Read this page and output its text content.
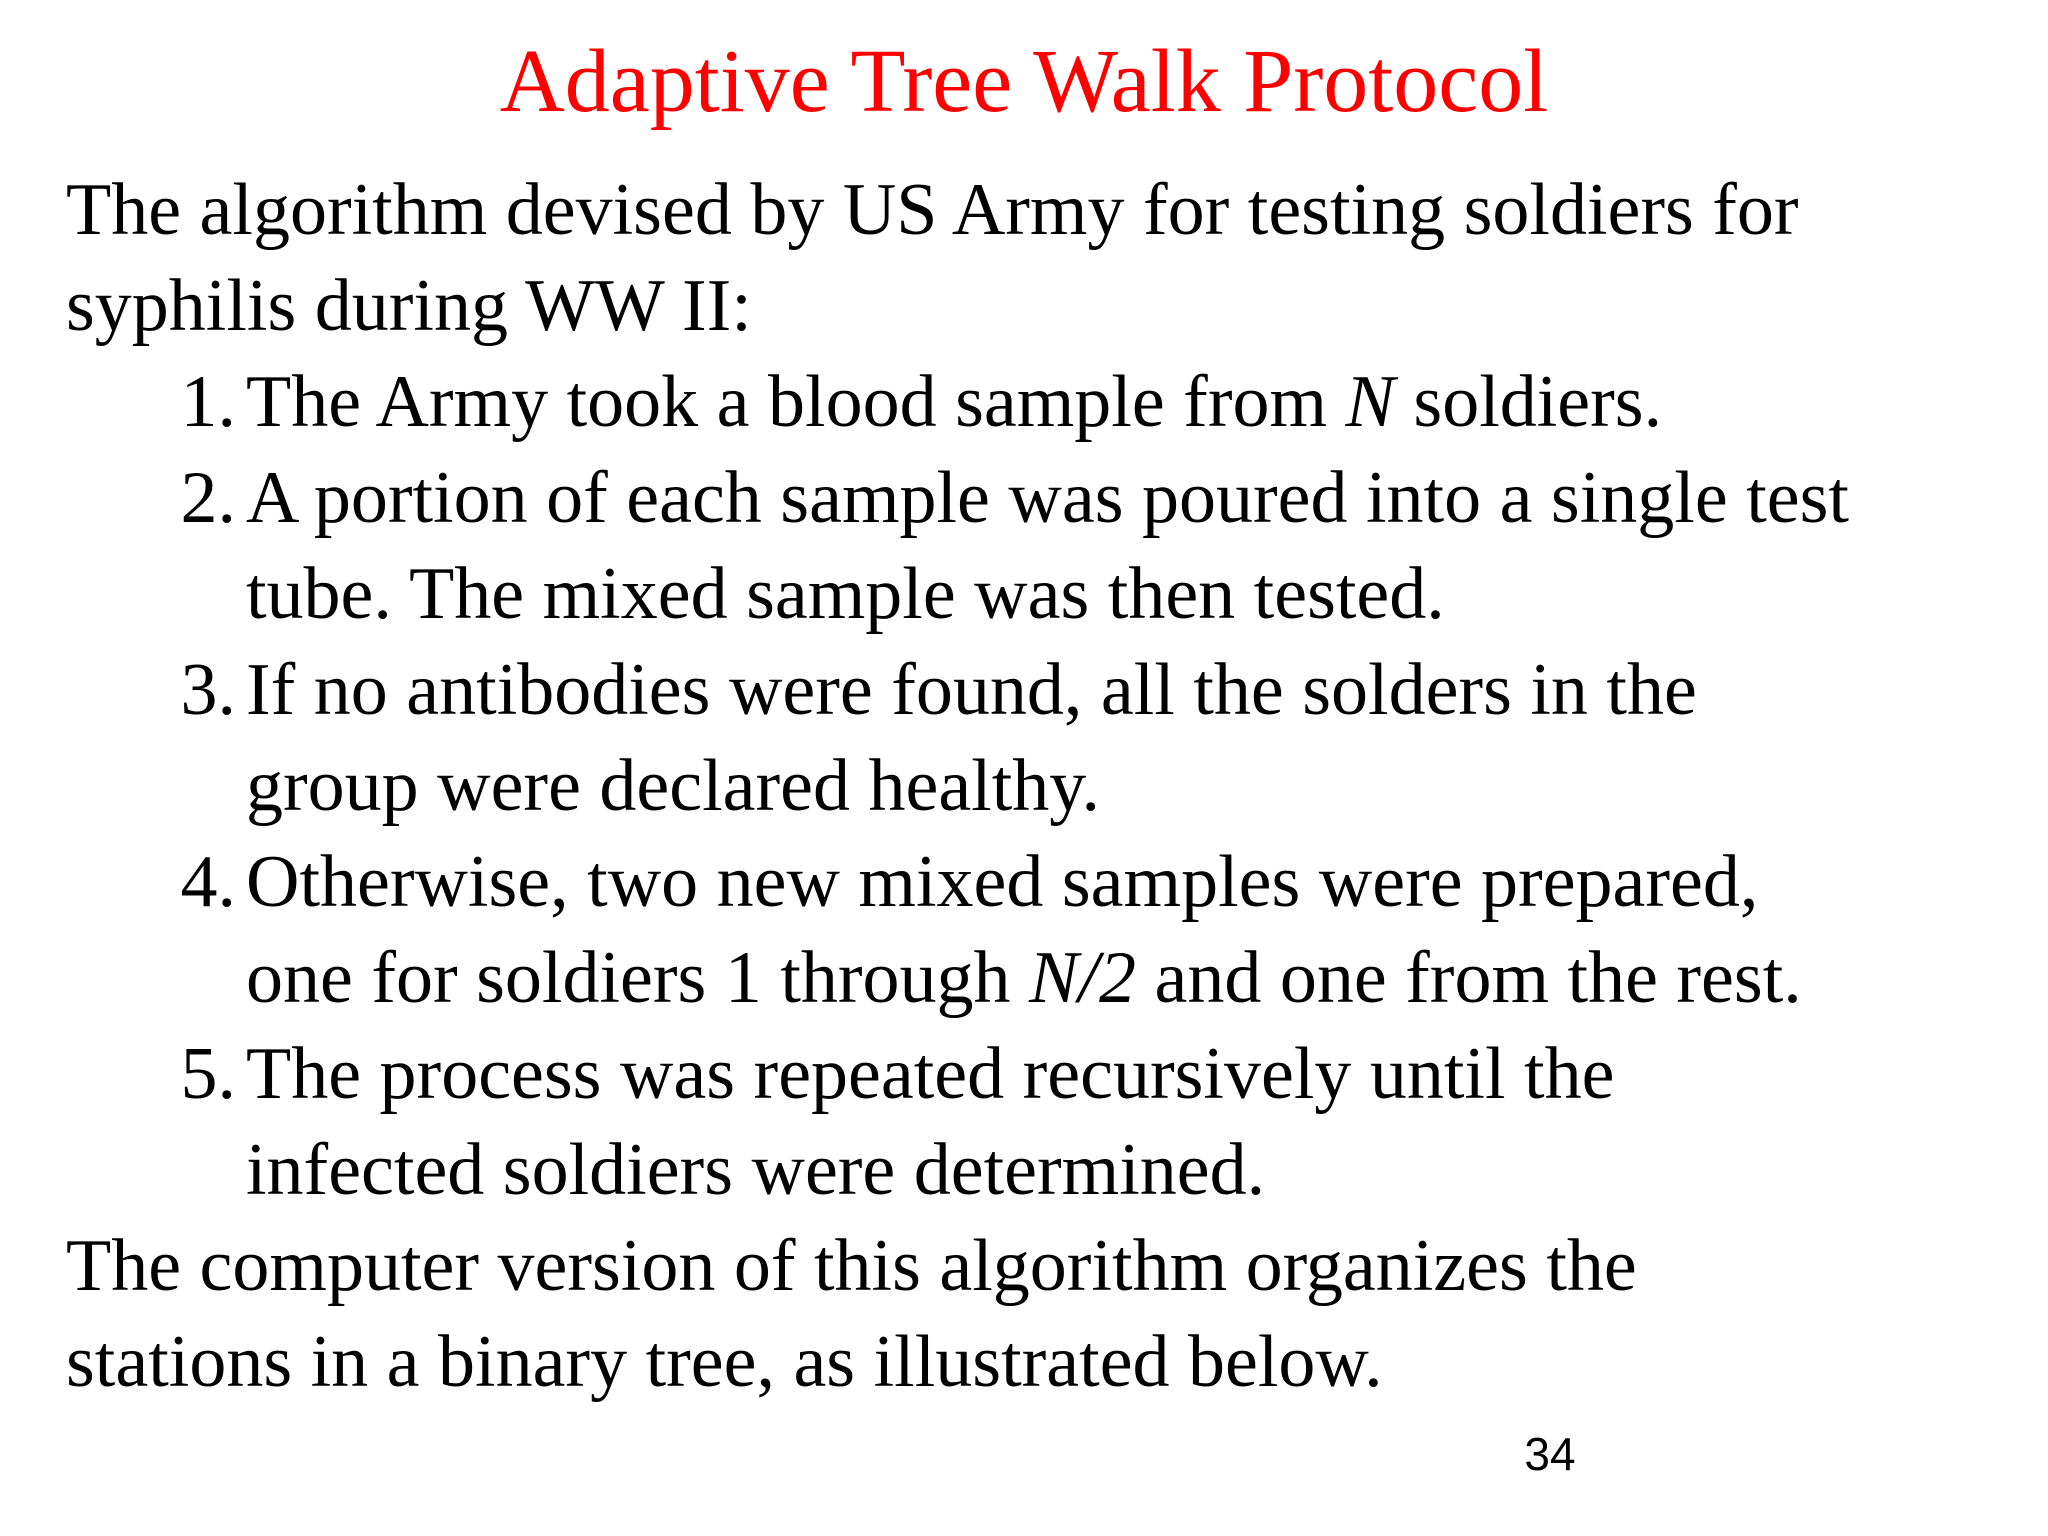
Adaptive Tree Walk Protocol
The algorithm devised by US Army for testing soldiers for
syphilis during WW II:
1. The Army took a blood sample from N soldiers.
2. A portion of each sample was poured into a single test
tube. The mixed sample was then tested.
3. If no antibodies were found, all the solders in the
group were declared healthy.
4. Otherwise, two new mixed samples were prepared,
one for soldiers 1 through N/2 and one from the rest.
5. The process was repeated recursively until the
infected soldiers were determined.
The computer version of this algorithm organizes the
stations in a binary tree, as illustrated below.
34
